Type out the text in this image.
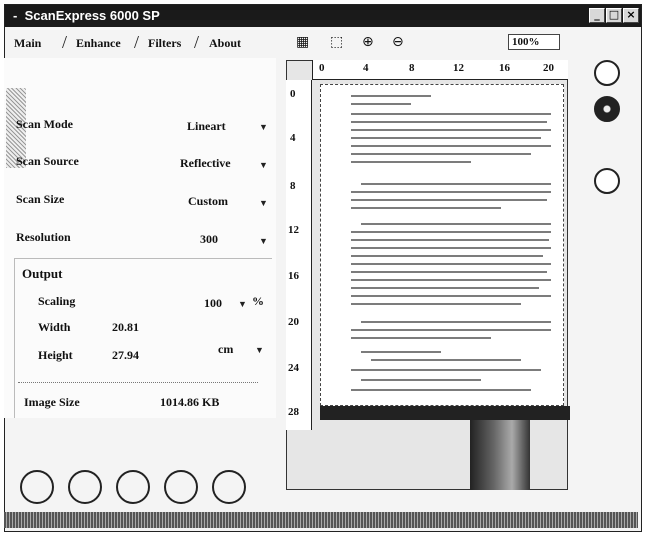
- ScanExpress 6000 SP	_ □ ×
Main / Enhance / Filters / About
Scan Mode	Lineart	▼
Scan Source	Reflective	▼
Scan Size	Custom	▼
Resolution	300	▼
Output
Scaling	100 ▼ %
Width	20.81
Height	27.94	cm ▼
Image Size	1014.86 KB
▦ ⬚ ⊕ ⊖	100%
0	4	8	12	16	20
0
4
8
12
16
20
24
28
